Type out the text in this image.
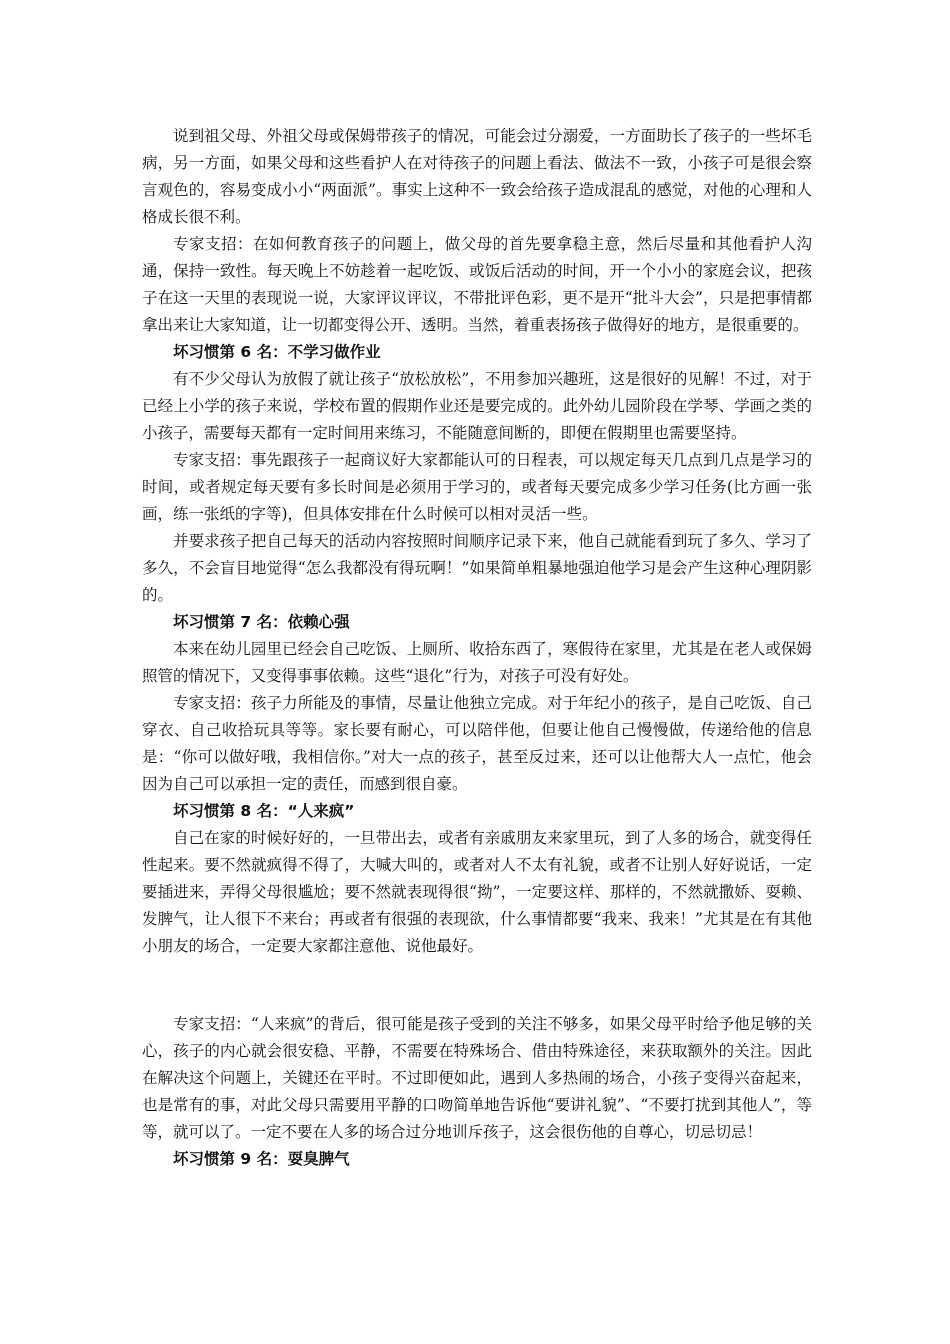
说到祖父母、外祖父母或保姆带孩子的情况，可能会过分溺爱，一方面助长了孩子的一些坏毛病，另一方面，如果父母和这些看护人在对待孩子的问题上看法、做法不一致，小孩子可是很会察言观色的，容易变成小小“两面派”。事实上这种不一致会给孩子造成混乱的感觉，对他的心理和人格成长很不利。

专家支招：在如何教育孩子的问题上，做父母的首先要拿稳主意，然后尽量和其他看护人沟通，保持一致性。每天晚上不妨趁着一起吃饭、或饭后活动的时间，开一个小小的家庭会议，把孩子在这一天里的表现说一说，大家评议评议，不带批评色彩，更不是开“批斗大会”，只是把事情都拿出来让大家知道，让一切都变得公开、透明。当然，着重表扬孩子做得好的地方，是很重要的。

坏习惯第 6 名：不学习做作业

有不少父母认为放假了就让孩子“放松放松”，不用参加兴趣班，这是很好的见解！不过，对于已经上小学的孩子来说，学校布置的假期作业还是要完成的。此外幼儿园阶段在学琴、学画之类的小孩子，需要每天都有一定时间用来练习，不能随意间断的，即便在假期里也需要坚持。

专家支招：事先跟孩子一起商议好大家都能认可的日程表，可以规定每天几点到几点是学习的时间，或者规定每天要有多长时间是必须用于学习的，或者每天要完成多少学习任务(比方画一张画，练一张纸的字等)，但具体安排在什么时候可以相对灵活一些。

并要求孩子把自己每天的活动内容按照时间顺序记录下来，他自己就能看到玩了多久、学习了多久，不会盲目地觉得“怎么我都没有得玩啊！”如果简单粗暴地强迫他学习是会产生这种心理阴影的。

坏习惯第 7 名：依赖心强

本来在幼儿园里已经会自己吃饭、上厕所、收拾东西了，寒假待在家里，尤其是在老人或保姆照管的情况下，又变得事事依赖。这些“退化”行为，对孩子可没有好处。

专家支招：孩子力所能及的事情，尽量让他独立完成。对于年纪小的孩子，是自己吃饭、自己穿衣、自己收拾玩具等等。家长要有耐心，可以陪伴他，但要让他自己慢慢做，传递给他的信息是：“你可以做好哦，我相信你。”对大一点的孩子，甚至反过来，还可以让他帮大人一点忙，他会因为自己可以承担一定的责任，而感到很自豪。

坏习惯第 8 名：“人来疯”

自己在家的时候好好的，一旦带出去，或者有亲戚朋友来家里玩，到了人多的场合，就变得任性起来。要不然就疯得不得了，大喊大叫的，或者对人不太有礼貌，或者不让别人好好说话，一定要插进来，弄得父母很尴尬；要不然就表现得很“拗”，一定要这样、那样的，不然就撒娇、耍赖、发脾气，让人很下不来台；再或者有很强的表现欲，什么事情都要“我来、我来！”尤其是在有其他小朋友的场合，一定要大家都注意他、说他最好。

专家支招：“人来疯”的背后，很可能是孩子受到的关注不够多，如果父母平时给予他足够的关心，孩子的内心就会很安稳、平静，不需要在特殊场合、借由特殊途径，来获取额外的关注。因此在解决这个问题上，关键还在平时。不过即便如此，遇到人多热闹的场合，小孩子变得兴奋起来，也是常有的事，对此父母只需要用平静的口吻简单地告诉他“要讲礼貌”、“不要打扰到其他人”，等等，就可以了。一定不要在人多的场合过分地训斥孩子，这会很伤他的自尊心，切忌切忌！

坏习惯第 9 名：耍臭脾气
